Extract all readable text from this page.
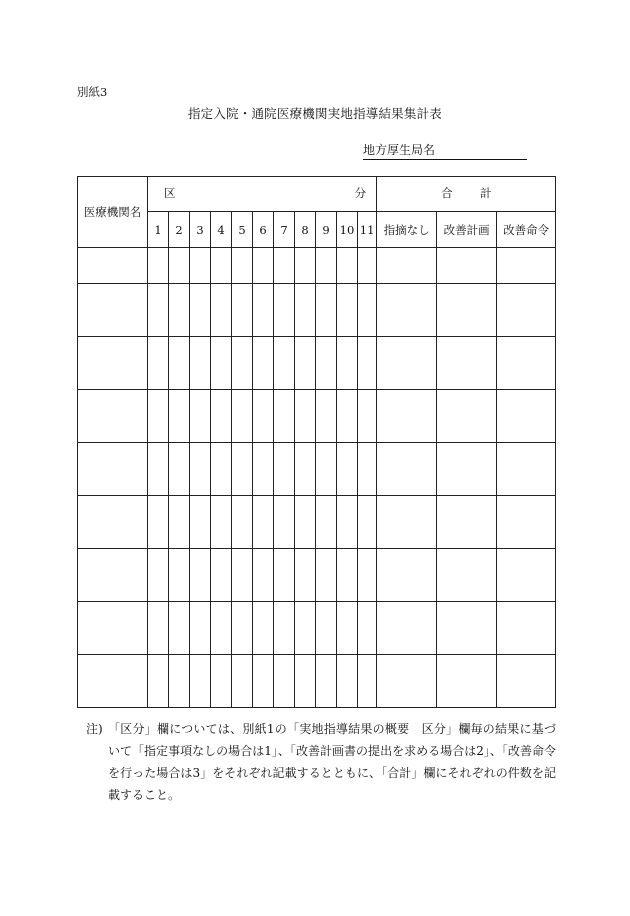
別紙3
指定入院・通院医療機関実地指導結果集計表
地方厚生局名
医療機関名	区 分											合 計		

	1	2	3	4	5	6	7	8	9	10	11	指摘なし	改善計画	改善命令

注) 「区分」欄については、別紙1の「実地指導結果の概要　区分」欄毎の結果に基づいて「指定事項なしの場合は1」、「改善計画書の提出を求める場合は2」、「改善命令を行った場合は3」をそれぞれ記載するとともに、「合計」欄にそれぞれの件数を記載すること。
